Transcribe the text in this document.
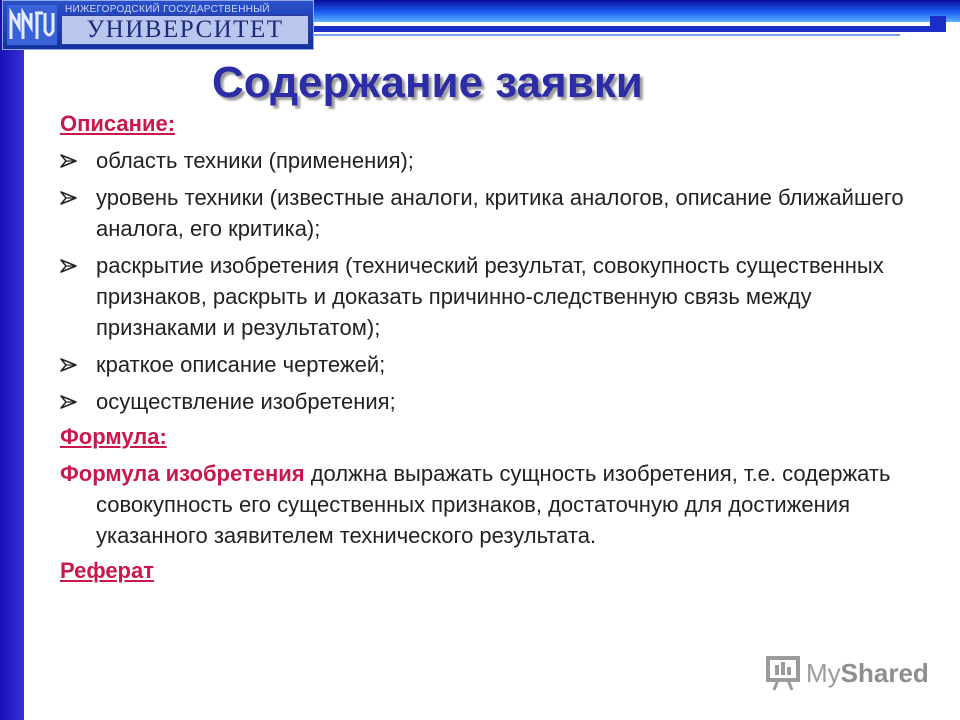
НИЖЕГОРОДСКИЙ ГОСУДАРСТВЕННЫЙ
УНИВЕРСИТЕТ
Содержание заявки
Описание:
область техники (применения);
уровень техники (известные аналоги, критика аналогов, описание ближайшего аналога, его критика);
раскрытие изобретения (технический результат, совокупность существенных признаков, раскрыть и доказать причинно-следственную связь между признаками и результатом);
краткое описание чертежей;
осуществление изобретения;
Формула:
Формула изобретения должна выражать сущность изобретения, т.е. содержать совокупность его существенных признаков, достаточную для достижения указанного заявителем технического результата.
Реферат
MyShared
